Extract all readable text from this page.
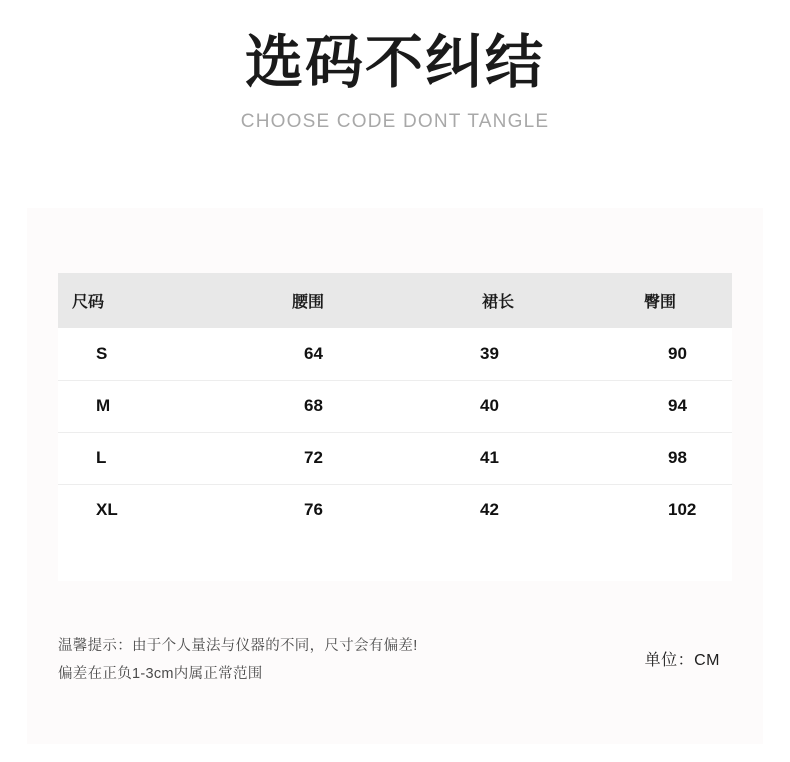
选码不纠结
CHOOSE CODE DONT TANGLE
尺码	腰围	裙长	臀围
S	64	39	90
M	68	40	94
L	72	41	98
XL	76	42	102
温馨提示：由于个人量法与仪器的不同，尺寸会有偏差!
偏差在正负1-3cm内属正常范围
单位：CM
